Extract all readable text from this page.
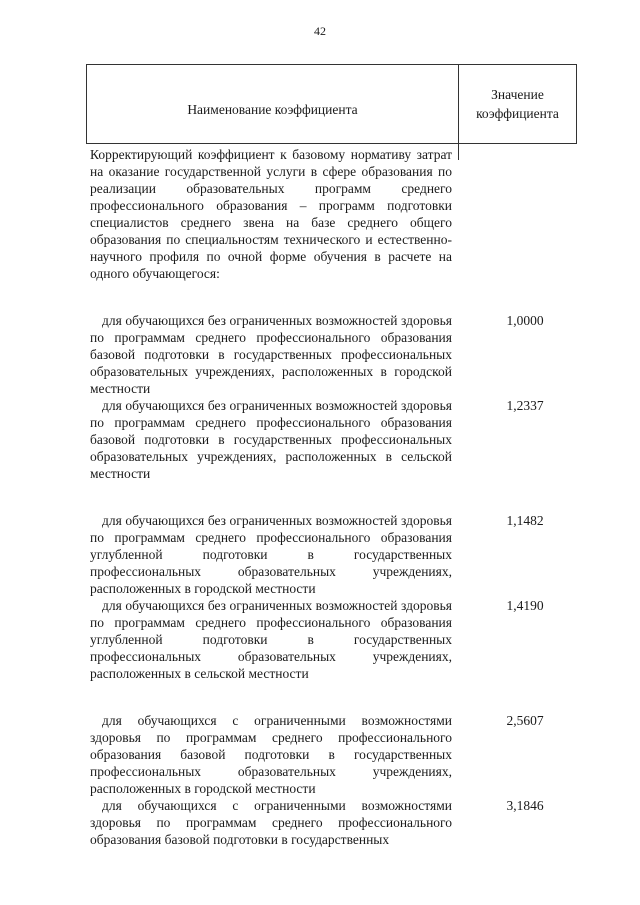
42
Наименование коэффициента
Значение
коэффициента

Корректирующий коэффициент к базовому нормативу затрат на оказание государственной услуги в сфере образования по реализации образовательных программ среднего профессионального образования – программ подготовки специалистов среднего звена на базе среднего общего образования по специальностям технического и естественно-научного профиля по очной форме обучения в расчете на одного обучающегося:

для обучающихся без ограниченных возможностей здоровья по программам среднего профессионального образования базовой подготовки в государственных профессиональных образовательных учреждениях, расположенных в городской местности

1,0000

для обучающихся без ограниченных возможностей здоровья по программам среднего профессионального образования базовой подготовки в государственных профессиональных образовательных учреждениях, расположенных в сельской местности

1,2337

для обучающихся без ограниченных возможностей здоровья по программам среднего профессионального образования углубленной подготовки в государственных профессиональных образовательных учреждениях, расположенных в городской местности

1,1482

для обучающихся без ограниченных возможностей здоровья по программам среднего профессионального образования углубленной подготовки в государственных профессиональных образовательных учреждениях, расположенных в сельской местности

1,4190

для обучающихся с ограниченными возможностями здоровья по программам среднего профессионального образования базовой подготовки в государственных профессиональных образовательных учреждениях, расположенных в городской местности

2,5607

для обучающихся с ограниченными возможностями здоровья по программам среднего профессионального образования базовой подготовки в государственных

3,1846
